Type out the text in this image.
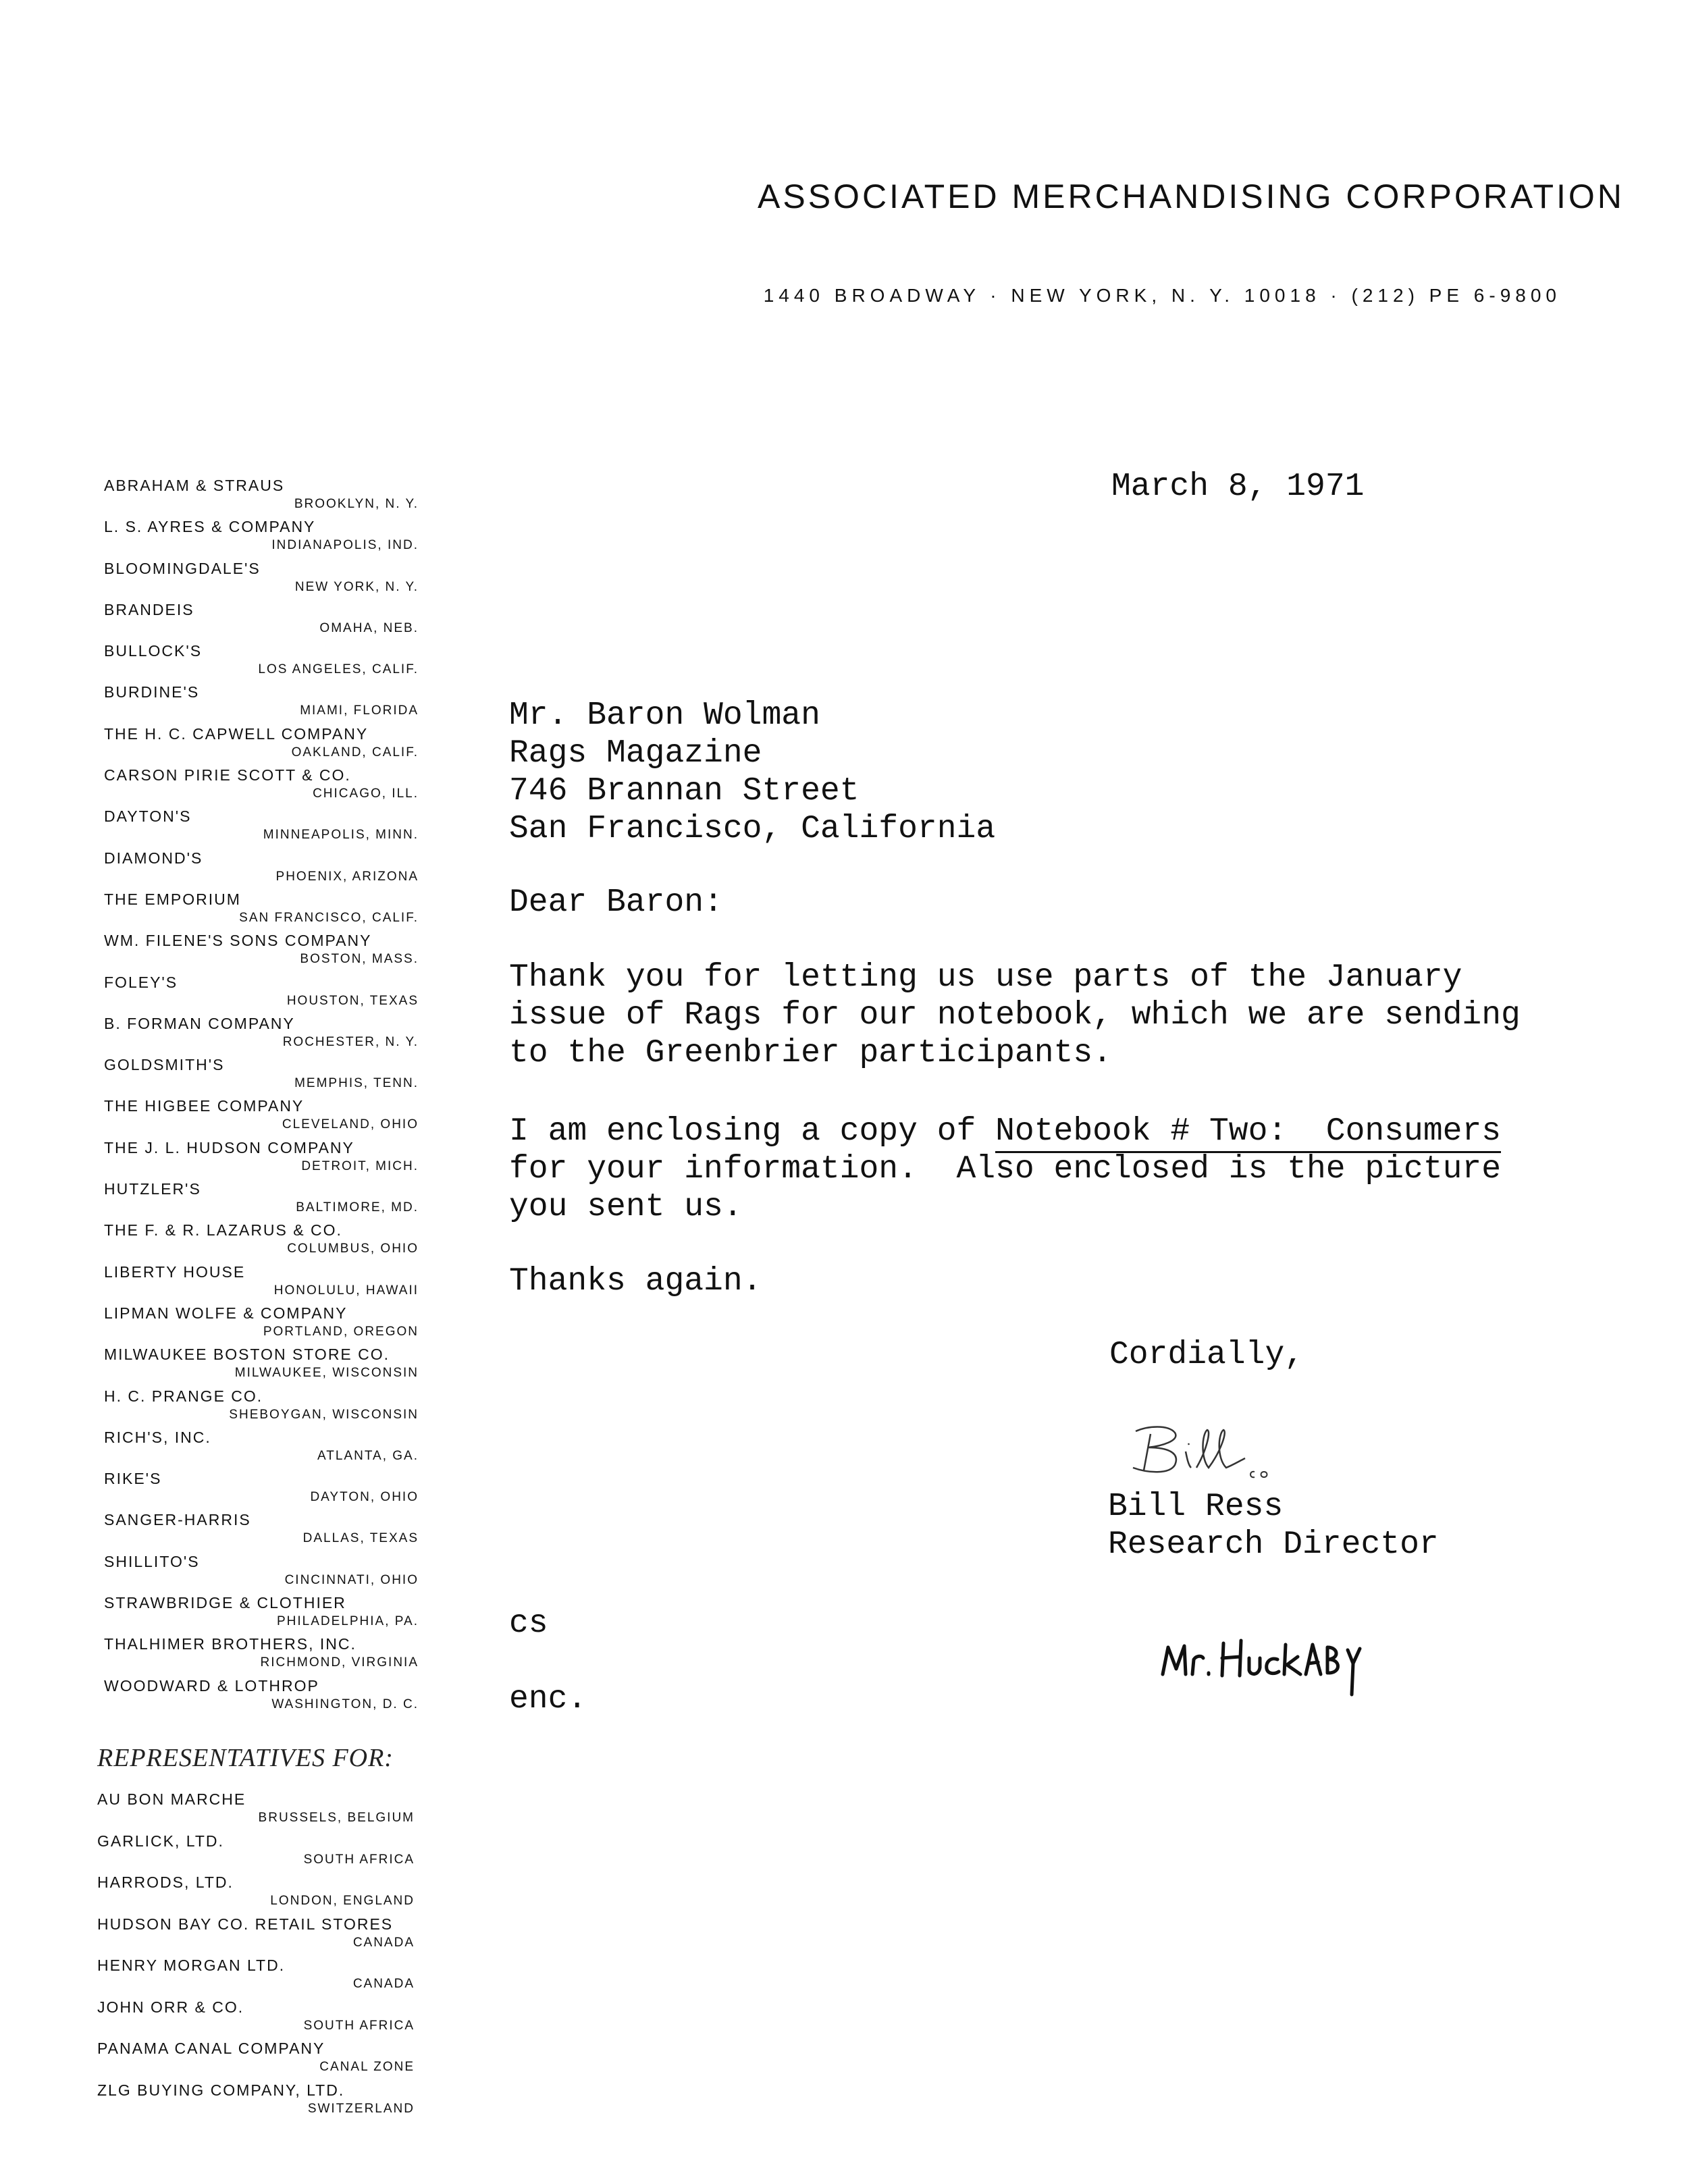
ASSOCIATED MERCHANDISING CORPORATION
1440 BROADWAY · NEW YORK, N. Y. 10018 · (212) PE 6-9800
ABRAHAM & STRAUS
BROOKLYN, N. Y.
L. S. AYRES & COMPANY
INDIANAPOLIS, IND.
BLOOMINGDALE'S
NEW YORK, N. Y.
BRANDEIS
OMAHA, NEB.
BULLOCK'S
LOS ANGELES, CALIF.
BURDINE'S
MIAMI, FLORIDA
THE H. C. CAPWELL COMPANY
OAKLAND, CALIF.
CARSON PIRIE SCOTT & CO.
CHICAGO, ILL.
DAYTON'S
MINNEAPOLIS, MINN.
DIAMOND'S
PHOENIX, ARIZONA
THE EMPORIUM
SAN FRANCISCO, CALIF.
WM. FILENE'S SONS COMPANY
BOSTON, MASS.
FOLEY'S
HOUSTON, TEXAS
B. FORMAN COMPANY
ROCHESTER, N. Y.
GOLDSMITH'S
MEMPHIS, TENN.
THE HIGBEE COMPANY
CLEVELAND, OHIO
THE J. L. HUDSON COMPANY
DETROIT, MICH.
HUTZLER'S
BALTIMORE, MD.
THE F. & R. LAZARUS & CO.
COLUMBUS, OHIO
LIBERTY HOUSE
HONOLULU, HAWAII
LIPMAN WOLFE & COMPANY
PORTLAND, OREGON
MILWAUKEE BOSTON STORE CO.
MILWAUKEE, WISCONSIN
H. C. PRANGE CO.
SHEBOYGAN, WISCONSIN
RICH'S, INC.
ATLANTA, GA.
RIKE'S
DAYTON, OHIO
SANGER-HARRIS
DALLAS, TEXAS
SHILLITO'S
CINCINNATI, OHIO
STRAWBRIDGE & CLOTHIER
PHILADELPHIA, PA.
THALHIMER BROTHERS, INC.
RICHMOND, VIRGINIA
WOODWARD & LOTHROP
WASHINGTON, D. C.
REPRESENTATIVES FOR:
AU BON MARCHE
BRUSSELS, BELGIUM
GARLICK, LTD.
SOUTH AFRICA
HARRODS, LTD.
LONDON, ENGLAND
HUDSON BAY CO. RETAIL STORES
CANADA
HENRY MORGAN LTD.
CANADA
JOHN ORR & CO.
SOUTH AFRICA
PANAMA CANAL COMPANY
CANAL ZONE
ZLG BUYING COMPANY, LTD.
SWITZERLAND
March 8, 1971
Mr. Baron Wolman
Rags Magazine
746 Brannan Street
San Francisco, California
Dear Baron:
Thank you for letting us use parts of the January
issue of Rags for our notebook, which we are sending
to the Greenbrier participants.
I am enclosing a copy of Notebook # Two:  Consumers
for your information.  Also enclosed is the picture
you sent us.
Thanks again.
Cordially,
Bill Ress
Research Director
cs
enc.
